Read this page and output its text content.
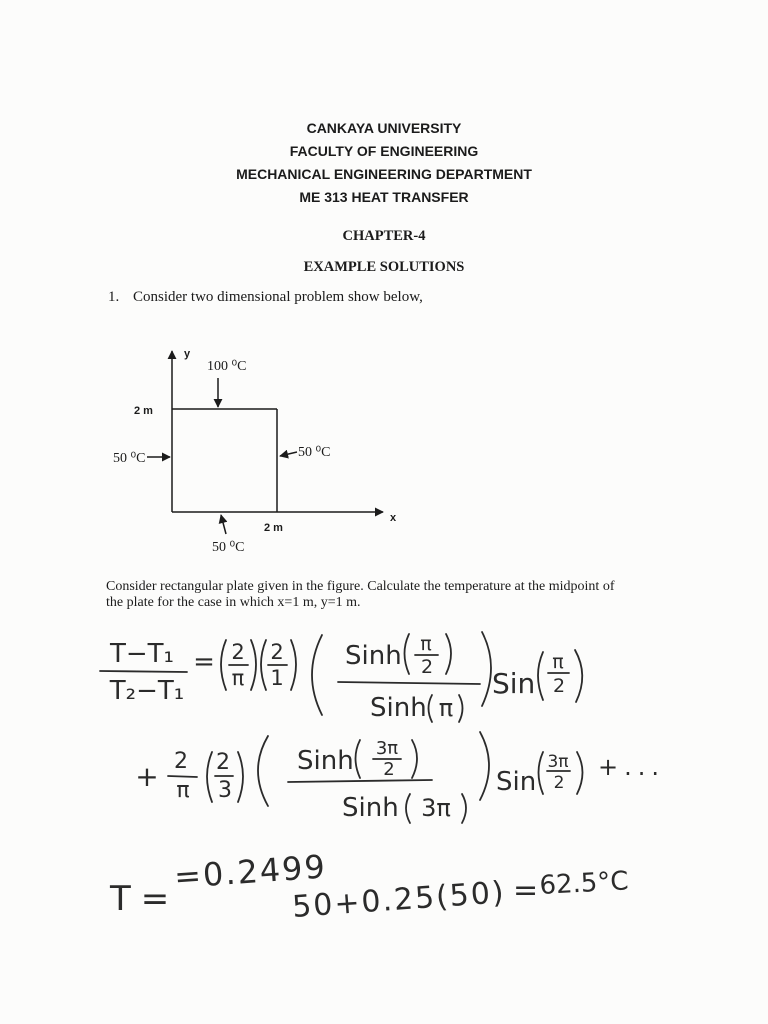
CANKAYA UNIVERSITY
FACULTY OF ENGINEERING
MECHANICAL ENGINEERING DEPARTMENT
ME 313 HEAT TRANSFER
CHAPTER-4
EXAMPLE SOLUTIONS
1. Consider two dimensional problem show below,
Consider rectangular plate given in the figure. Calculate the temperature at the midpoint of
the plate for the case in which x=1 m, y=1 m.
y
x
100 ⁰C
2 m
50 ⁰C	50 ⁰C
2 m
50 ⁰C
T−T₁
T₂−T₁
= 2
π
2
1
Sinh π
2
Sinh π
Sin
π
2
+ 2
π
2
3
Sinh 3π
2
Sinh 3π
Sin
3π
2
+...
=0.2499
T=	50+0.25(50) = 62.5°C
